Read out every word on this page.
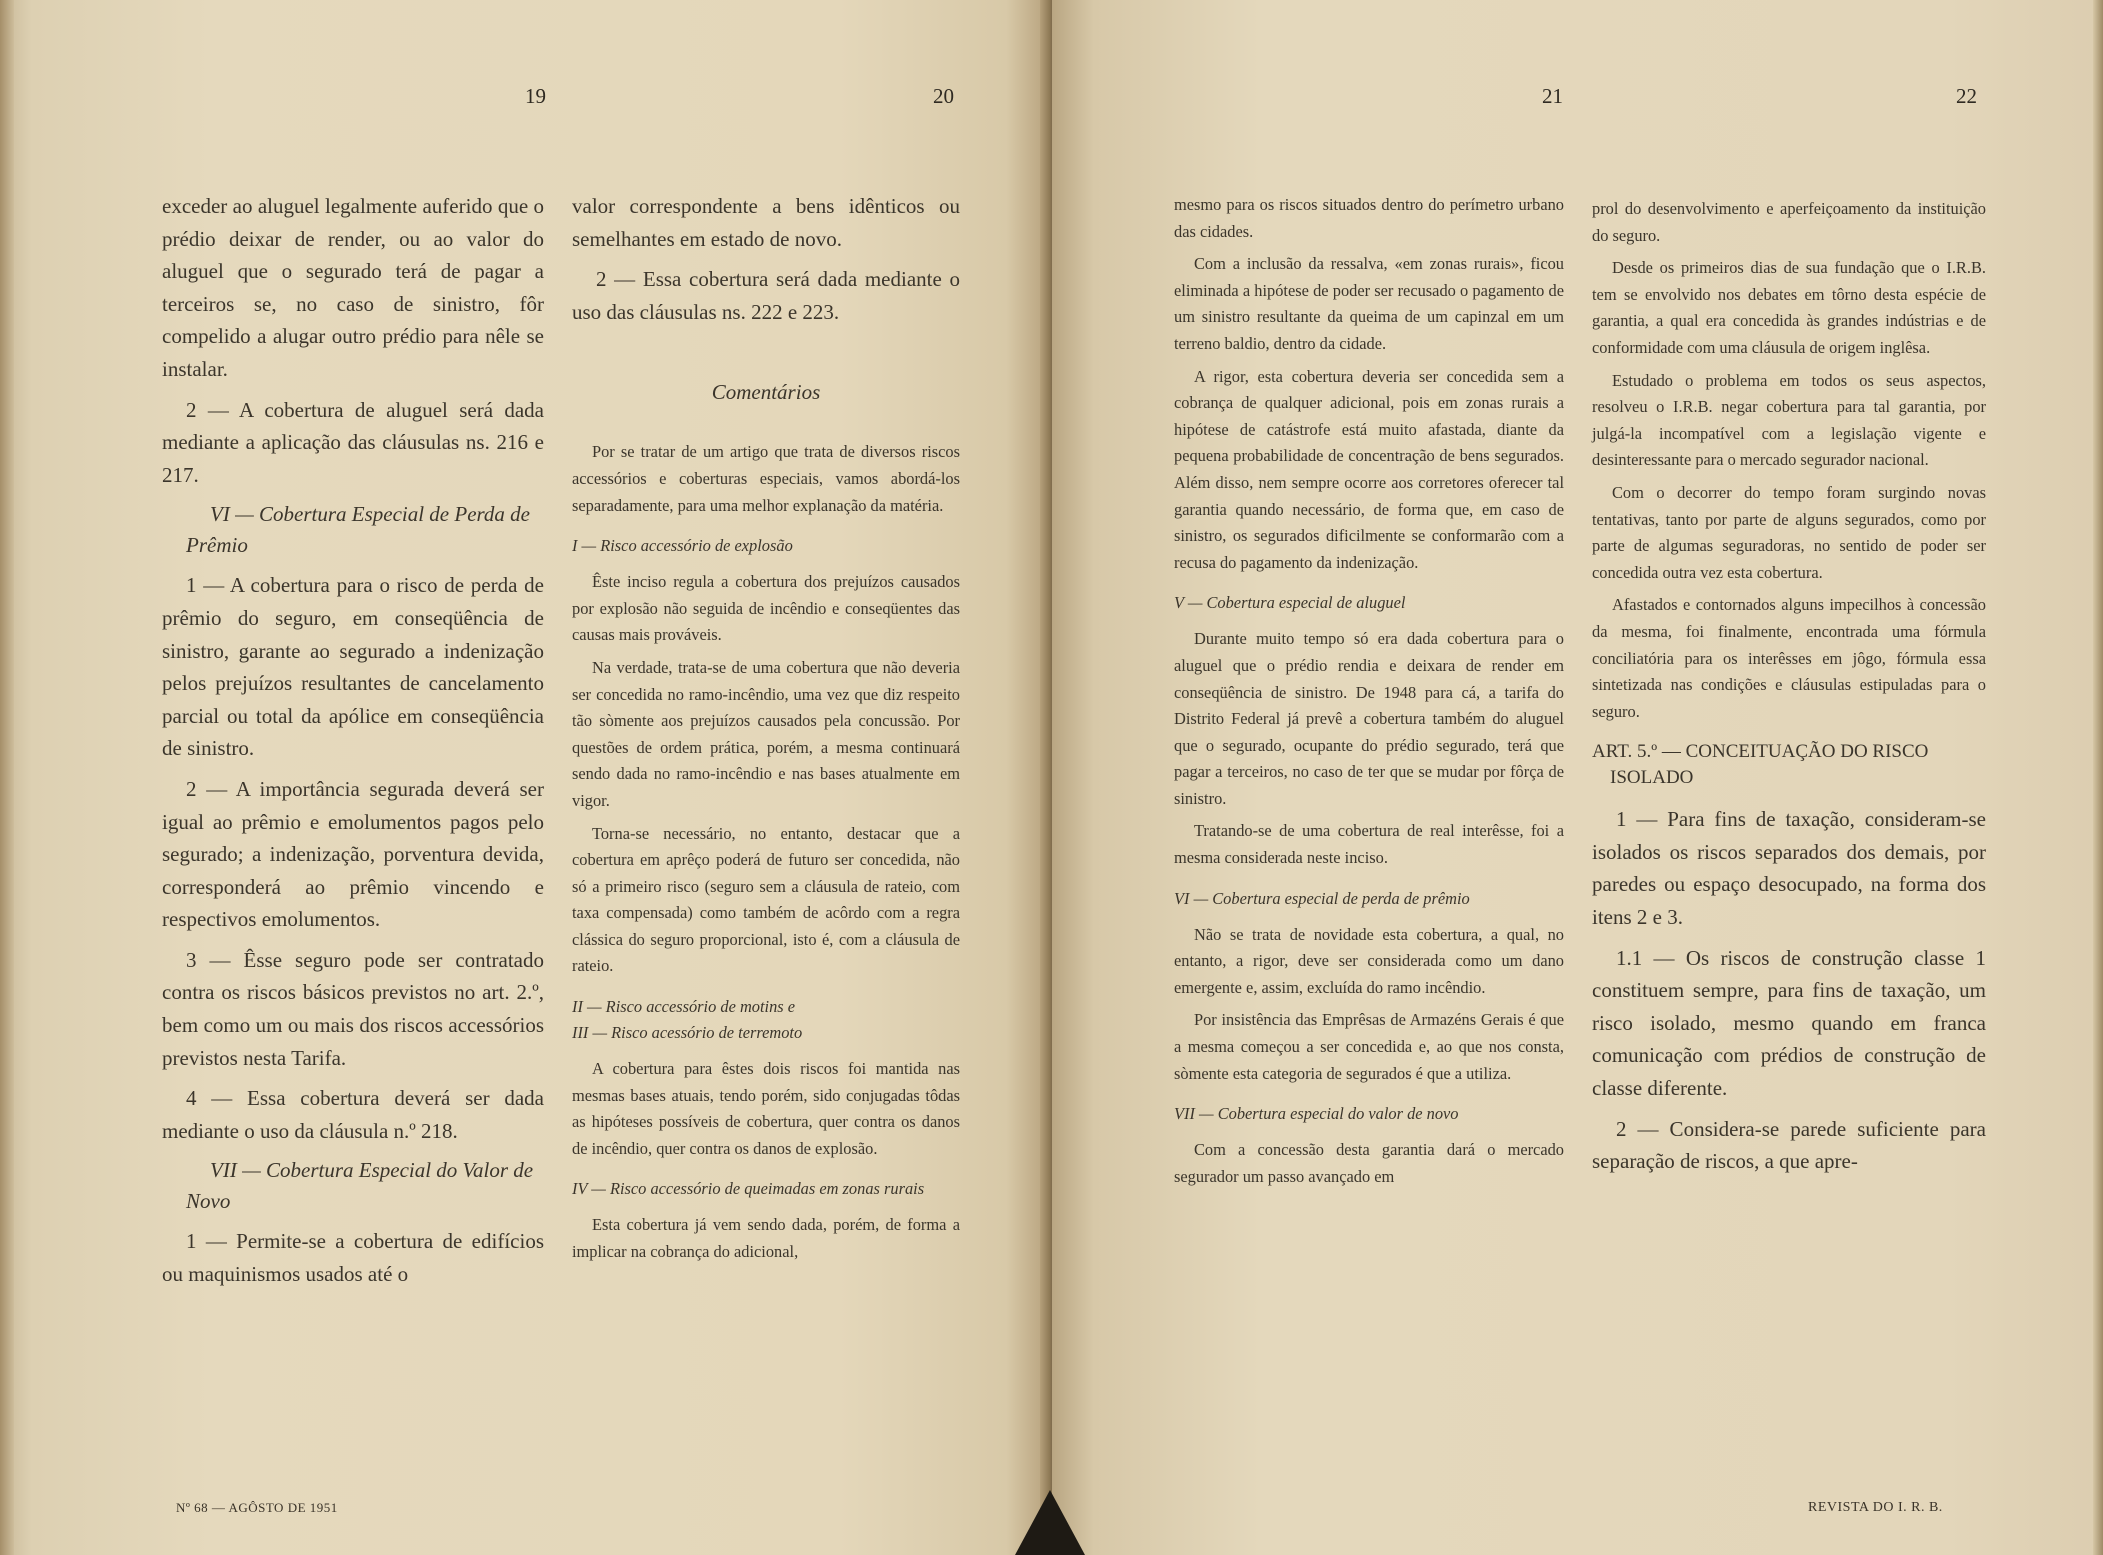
19	20

exceder ao aluguel legalmente auferido que o prédio deixar de render, ou ao valor do aluguel que o segurado terá de pagar a terceiros se, no caso de sinistro, fôr compelido a alugar outro prédio para nêle se instalar.

2 — A cobertura de aluguel será dada mediante a aplicação das cláusulas ns. 216 e 217.

VI — Cobertura Especial de Perda de Prêmio

1 — A cobertura para o risco de perda de prêmio do seguro, em conseqüência de sinistro, garante ao segurado a indenização pelos prejuízos resultantes de cancelamento parcial ou total da apólice em conseqüência de sinistro.

2 — A importância segurada deverá ser igual ao prêmio e emolumentos pagos pelo segurado; a indenização, porventura devida, corresponderá ao prêmio vincendo e respectivos emolumentos.

3 — Êsse seguro pode ser contratado contra os riscos básicos previstos no art. 2.º, bem como um ou mais dos riscos accessórios previstos nesta Tarifa.

4 — Essa cobertura deverá ser dada mediante o uso da cláusula n.º 218.

VII — Cobertura Especial do Valor de Novo

1 — Permite-se a cobertura de edifícios ou maquinismos usados até o

valor correspondente a bens idênticos ou semelhantes em estado de novo.

2 — Essa cobertura será dada mediante o uso das cláusulas ns. 222 e 223.

Comentários

Por se tratar de um artigo que trata de diversos riscos accessórios e coberturas especiais, vamos abordá-los separadamente, para uma melhor explanação da matéria.

I — Risco accessório de explosão

Êste inciso regula a cobertura dos prejuízos causados por explosão não seguida de incêndio e conseqüentes das causas mais prováveis.

Na verdade, trata-se de uma cobertura que não deveria ser concedida no ramo-incêndio, uma vez que diz respeito tão sòmente aos prejuízos causados pela concussão. Por questões de ordem prática, porém, a mesma continuará sendo dada no ramo-incêndio e nas bases atualmente em vigor.

Torna-se necessário, no entanto, destacar que a cobertura em aprêço poderá de futuro ser concedida, não só a primeiro risco (seguro sem a cláusula de rateio, com taxa compensada) como também de acôrdo com a regra clássica do seguro proporcional, isto é, com a cláusula de rateio.

II — Risco accessório de motins e

III — Risco acessório de terremoto

A cobertura para êstes dois riscos foi mantida nas mesmas bases atuais, tendo porém, sido conjugadas tôdas as hipóteses possíveis de cobertura, quer contra os danos de incêndio, quer contra os danos de explosão.

IV — Risco accessório de queimadas em zonas rurais

Esta cobertura já vem sendo dada, porém, de forma a implicar na cobrança do adicional,

Nº 68 — AGÔSTO DE 1951
21	22

mesmo para os riscos situados dentro do perímetro urbano das cidades.

Com a inclusão da ressalva, «em zonas rurais», ficou eliminada a hipótese de poder ser recusado o pagamento de um sinistro resultante da queima de um capinzal em um terreno baldio, dentro da cidade.

A rigor, esta cobertura deveria ser concedida sem a cobrança de qualquer adicional, pois em zonas rurais a hipótese de catástrofe está muito afastada, diante da pequena probabilidade de concentração de bens segurados. Além disso, nem sempre ocorre aos corretores oferecer tal garantia quando necessário, de forma que, em caso de sinistro, os segurados dificilmente se conformarão com a recusa do pagamento da indenização.

V — Cobertura especial de aluguel

Durante muito tempo só era dada cobertura para o aluguel que o prédio rendia e deixara de render em conseqüência de sinistro. De 1948 para cá, a tarifa do Distrito Federal já prevê a cobertura também do aluguel que o segurado, ocupante do prédio segurado, terá que pagar a terceiros, no caso de ter que se mudar por fôrça de sinistro.

Tratando-se de uma cobertura de real interêsse, foi a mesma considerada neste inciso.

VI — Cobertura especial de perda de prêmio

Não se trata de novidade esta cobertura, a qual, no entanto, a rigor, deve ser considerada como um dano emergente e, assim, excluída do ramo incêndio.

Por insistência das Emprêsas de Armazéns Gerais é que a mesma começou a ser concedida e, ao que nos consta, sòmente esta categoria de segurados é que a utiliza.

VII — Cobertura especial do valor de novo

Com a concessão desta garantia dará o mercado segurador um passo avançado em

prol do desenvolvimento e aperfeiçoamento da instituição do seguro.

Desde os primeiros dias de sua fundação que o I.R.B. tem se envolvido nos debates em tôrno desta espécie de garantia, a qual era concedida às grandes indústrias e de conformidade com uma cláusula de origem inglêsa.

Estudado o problema em todos os seus aspectos, resolveu o I.R.B. negar cobertura para tal garantia, por julgá-la incompatível com a legislação vigente e desinteressante para o mercado segurador nacional.

Com o decorrer do tempo foram surgindo novas tentativas, tanto por parte de alguns segurados, como por parte de algumas seguradoras, no sentido de poder ser concedida outra vez esta cobertura.

Afastados e contornados alguns impecilhos à concessão da mesma, foi finalmente, encontrada uma fórmula conciliatória para os interêsses em jôgo, fórmula essa sintetizada nas condições e cláusulas estipuladas para o seguro.

ART. 5.º — CONCEITUAÇÃO DO RISCO ISOLADO

1 — Para fins de taxação, consideram-se isolados os riscos separados dos demais, por paredes ou espaço desocupado, na forma dos itens 2 e 3.

1.1 — Os riscos de construção classe 1 constituem sempre, para fins de taxação, um risco isolado, mesmo quando em franca comunicação com prédios de construção de classe diferente.

2 — Considera-se parede suficiente para separação de riscos, a que apre-

REVISTA DO I. R. B.
